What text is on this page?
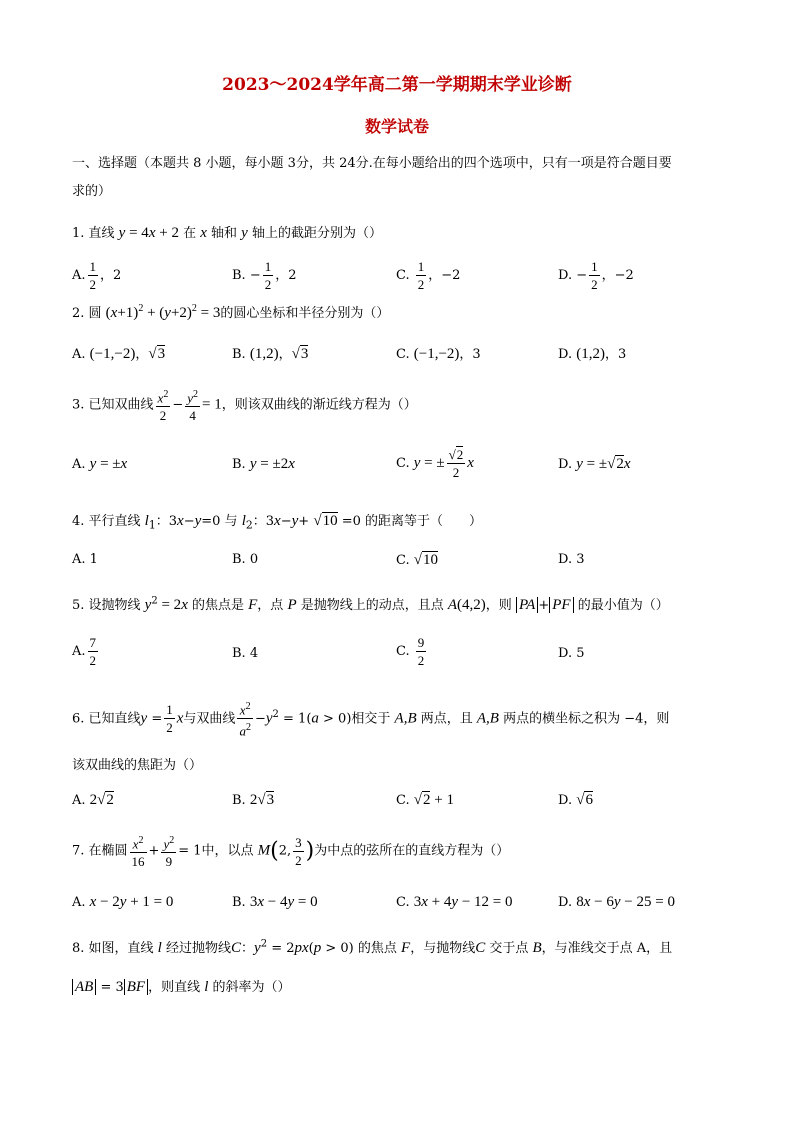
2023～2024学年高二第一学期期末学业诊断
数学试卷
一、选择题（本题共 8 小题，每小题 3分，共 24分.在每小题给出的四个选项中，只有一项是符合题目要
求的）
1. 直线 y = 4x + 2 在 x 轴和 y 轴上的截距分别为（）
A. $\frac{1}{2}$ ，2	B. − $\frac{1}{2}$ ，2	C. $\frac{1}{2}$ ，−2	D. − $\frac{1}{2}$ ，−2
2. 圆 $(x+1)^2 + (y+2)^2 = 3$的圆心坐标和半径分别为（）
A. (−1,−2)，√3	B. (1,2)，√3	C. (−1,−2)，3	D. (1,2)，3
3. 已知双曲线 $\frac{x^2}{2} - \frac{y^2}{4} = 1$，则该双曲线的渐近线方程为（）
A. y = ±x	B. y = ±2x	C. y = ± $\frac{√2}{2}$ x	D. y = ±√2x
4. 平行直线 $l_1$：3x−y=0 与 $l_2$：3x−y+ √10 =0 的距离等于（　　）
A. 1	B. 0	C. √10	D. 3
5. 设抛物线 $y^2 = 2x$ 的焦点是 F，点 P 是抛物线上的动点，且点 A(4,2)，则 PA + PF 的最小值为（）
A. $\frac{7}{2}$	B. 4	C. $\frac{9}{2}$	D. 5
6. 已知直线$y = \frac{1}{2}$ x与双曲线 $\frac{x^2}{a^2} -y^2 = 1(a > 0)$相交于 A,B 两点，且 A,B 两点的横坐标之积为 −4，则
该双曲线的焦距为（）
A. 2√2	B. 2√3	C. √2 + 1	D. √6
7. 在椭圆 $\frac{x^2}{16} + \frac{y^2}{9} = 1$中，以点 M(2, $\frac{3}{2}$ )为中点的弦所在的直线方程为（）
A. x − 2y + 1 = 0	B. 3x − 4y = 0	C. 3x + 4y − 12 = 0	D. 8x − 6y − 25 = 0
8. 如图，直线 l 经过抛物线C：$y^2 = 2px(p > 0)$ 的焦点 F，与抛物线C 交于点 B，与准线交于点 A，且
AB = 3 BF ，则直线 l 的斜率为（）
